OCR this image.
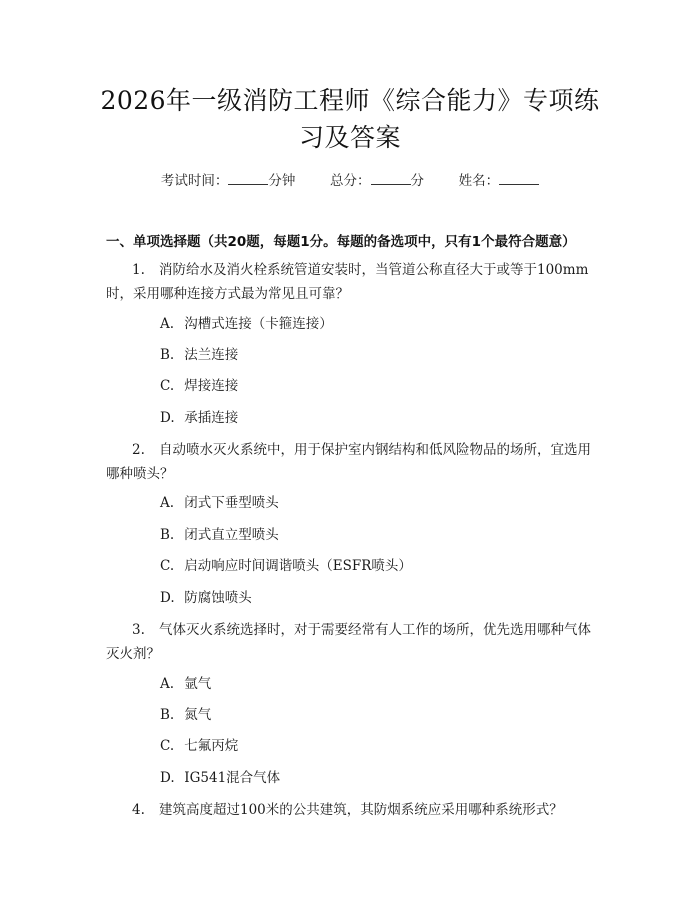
2026年一级消防工程师《综合能力》专项练
习及答案
考试时间：	分钟	总分：	分	姓名：
一、单项选择题（共20题，每题1分。每题的备选项中，只有1个最符合题意）
1. 消防给水及消火栓系统管道安装时，当管道公称直径大于或等于100mm时，采用哪种连接方式最为常见且可靠？
A. 沟槽式连接（卡箍连接）
B. 法兰连接
C. 焊接连接
D. 承插连接
2. 自动喷水灭火系统中，用于保护室内钢结构和低风险物品的场所，宜选用哪种喷头？
A. 闭式下垂型喷头
B. 闭式直立型喷头
C. 启动响应时间调谐喷头（ESFR喷头）
D. 防腐蚀喷头
3. 气体灭火系统选择时，对于需要经常有人工作的场所，优先选用哪种气体灭火剂？
A. 氩气
B. 氮气
C. 七氟丙烷
D. IG541混合气体
4. 建筑高度超过100米的公共建筑，其防烟系统应采用哪种系统形式？
